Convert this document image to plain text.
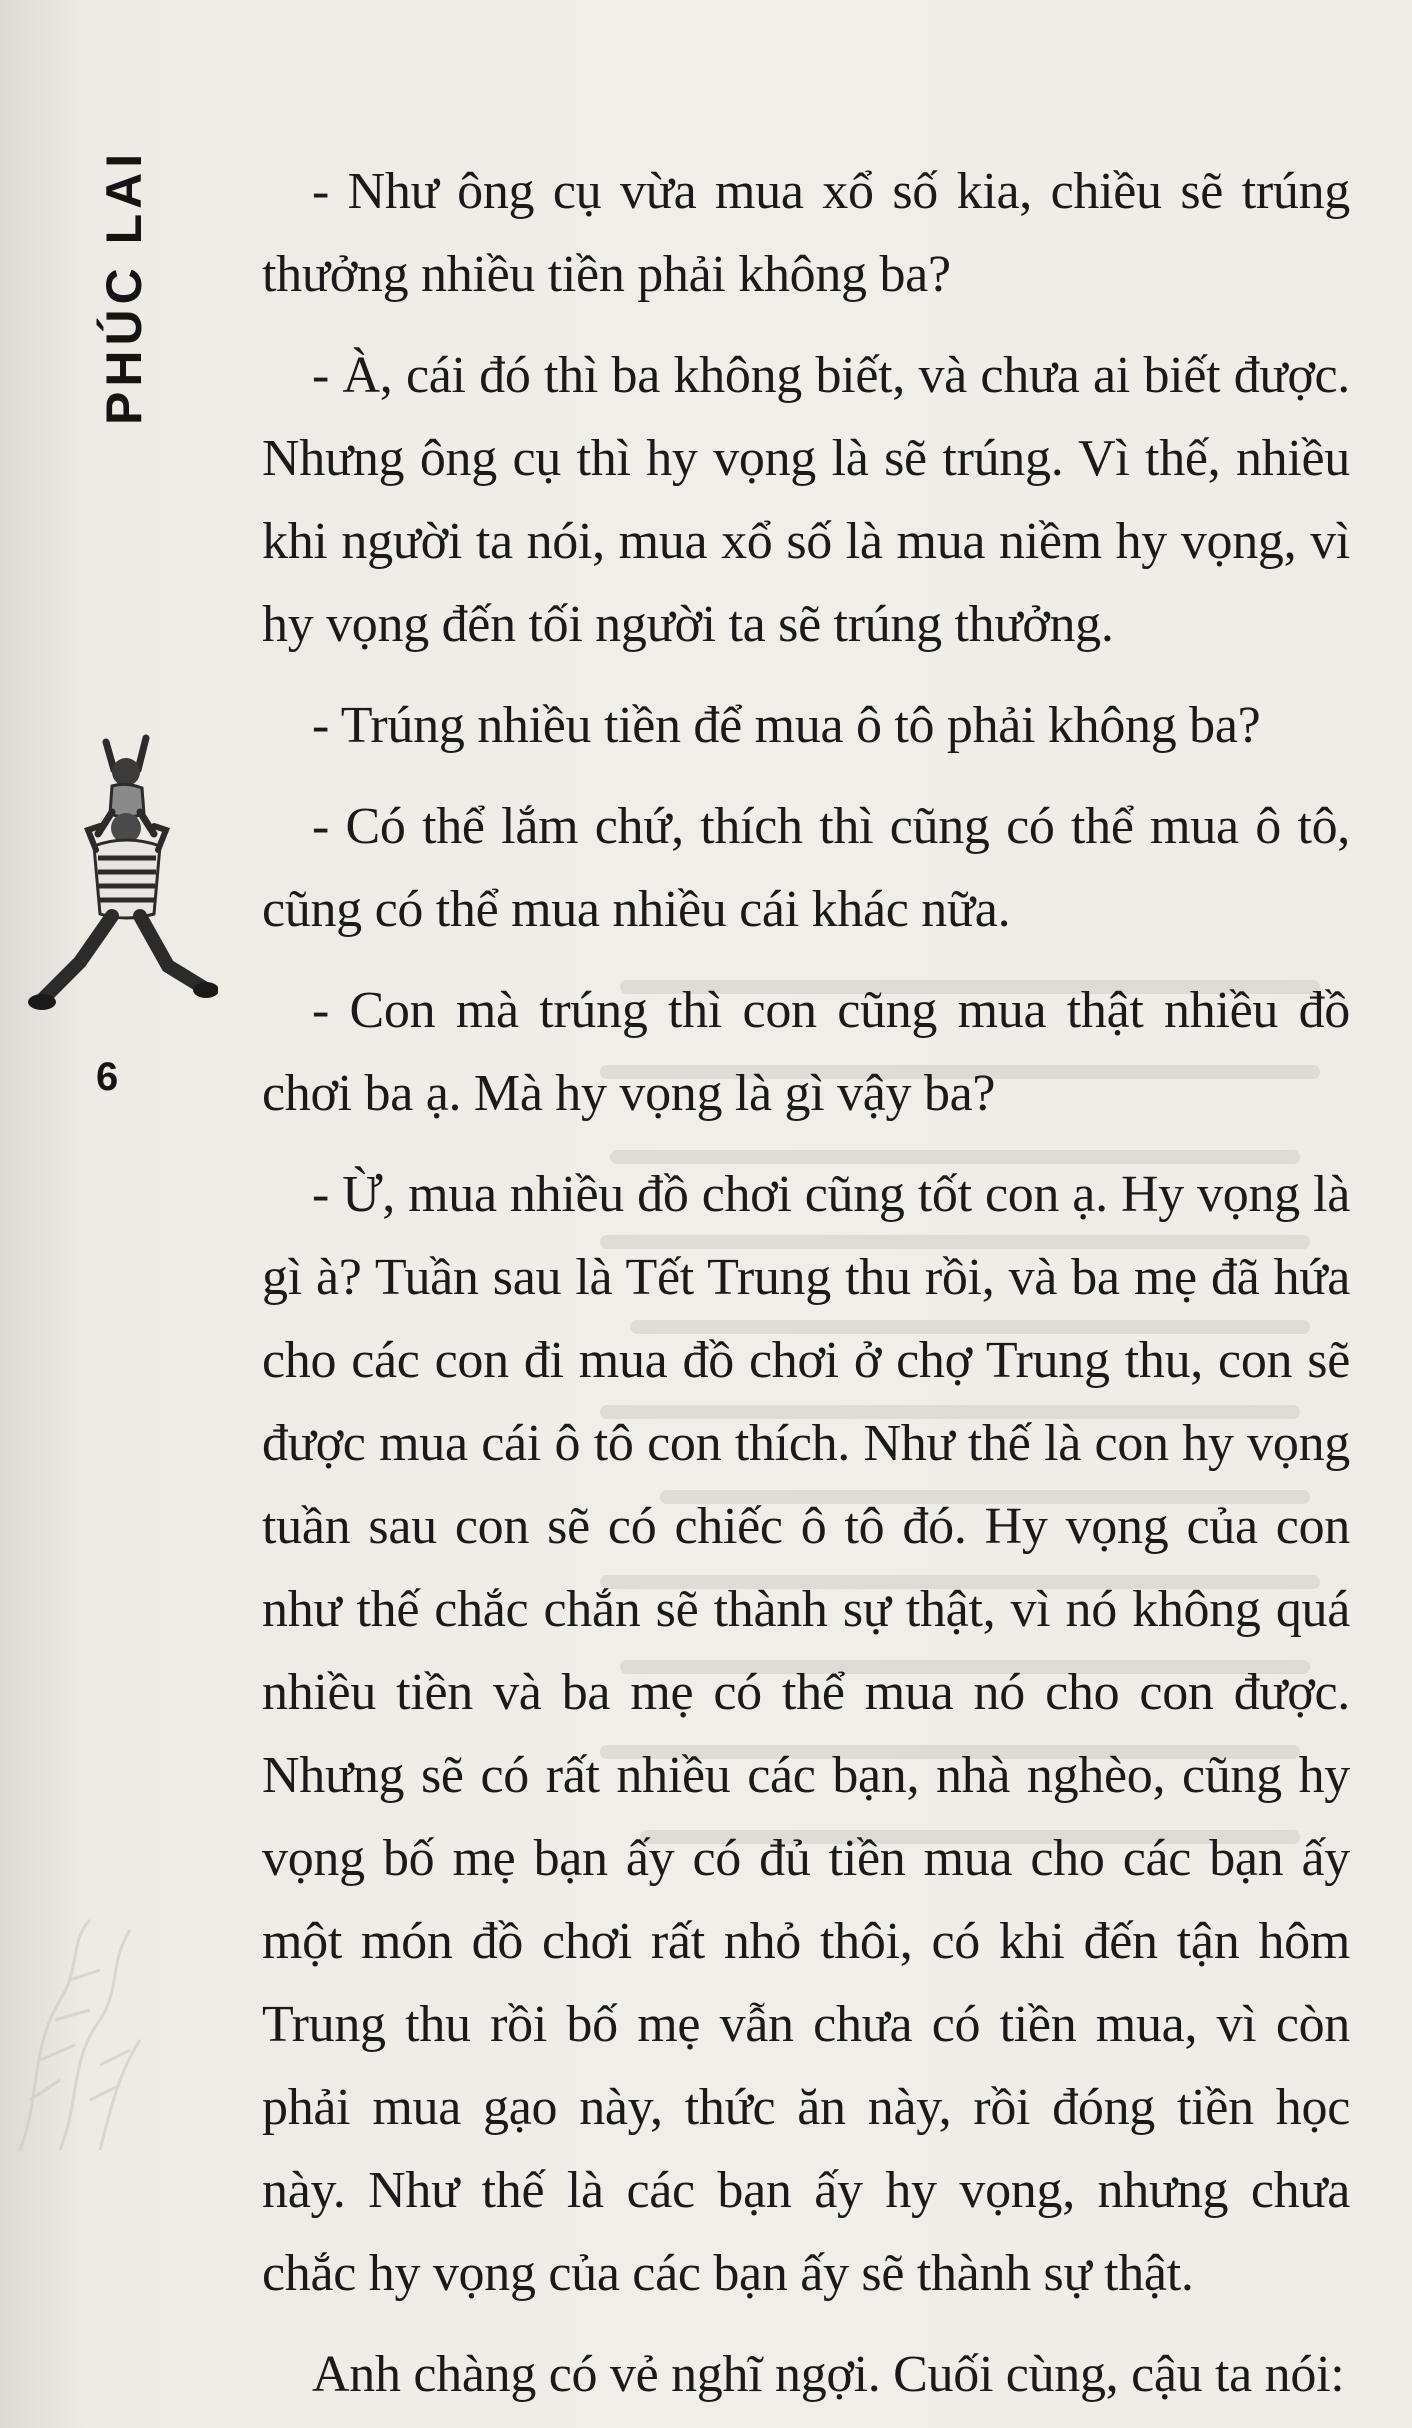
PHÚC LAI
6

- Như ông cụ vừa mua xổ số kia, chiều sẽ trúng thưởng nhiều tiền phải không ba?

- À, cái đó thì ba không biết, và chưa ai biết được. Nhưng ông cụ thì hy vọng là sẽ trúng. Vì thế, nhiều khi người ta nói, mua xổ số là mua niềm hy vọng, vì hy vọng đến tối người ta sẽ trúng thưởng.

- Trúng nhiều tiền để mua ô tô phải không ba?

- Có thể lắm chứ, thích thì cũng có thể mua ô tô, cũng có thể mua nhiều cái khác nữa.

- Con mà trúng thì con cũng mua thật nhiều đồ chơi ba ạ. Mà hy vọng là gì vậy ba?

- Ừ, mua nhiều đồ chơi cũng tốt con ạ. Hy vọng là gì à? Tuần sau là Tết Trung thu rồi, và ba mẹ đã hứa cho các con đi mua đồ chơi ở chợ Trung thu, con sẽ được mua cái ô tô con thích. Như thế là con hy vọng tuần sau con sẽ có chiếc ô tô đó. Hy vọng của con như thế chắc chắn sẽ thành sự thật, vì nó không quá nhiều tiền và ba mẹ có thể mua nó cho con được. Nhưng sẽ có rất nhiều các bạn, nhà nghèo, cũng hy vọng bố mẹ bạn ấy có đủ tiền mua cho các bạn ấy một món đồ chơi rất nhỏ thôi, có khi đến tận hôm Trung thu rồi bố mẹ vẫn chưa có tiền mua, vì còn phải mua gạo này, thức ăn này, rồi đóng tiền học này. Như thế là các bạn ấy hy vọng, nhưng chưa chắc hy vọng của các bạn ấy sẽ thành sự thật.

Anh chàng có vẻ nghĩ ngợi. Cuối cùng, cậu ta nói:
